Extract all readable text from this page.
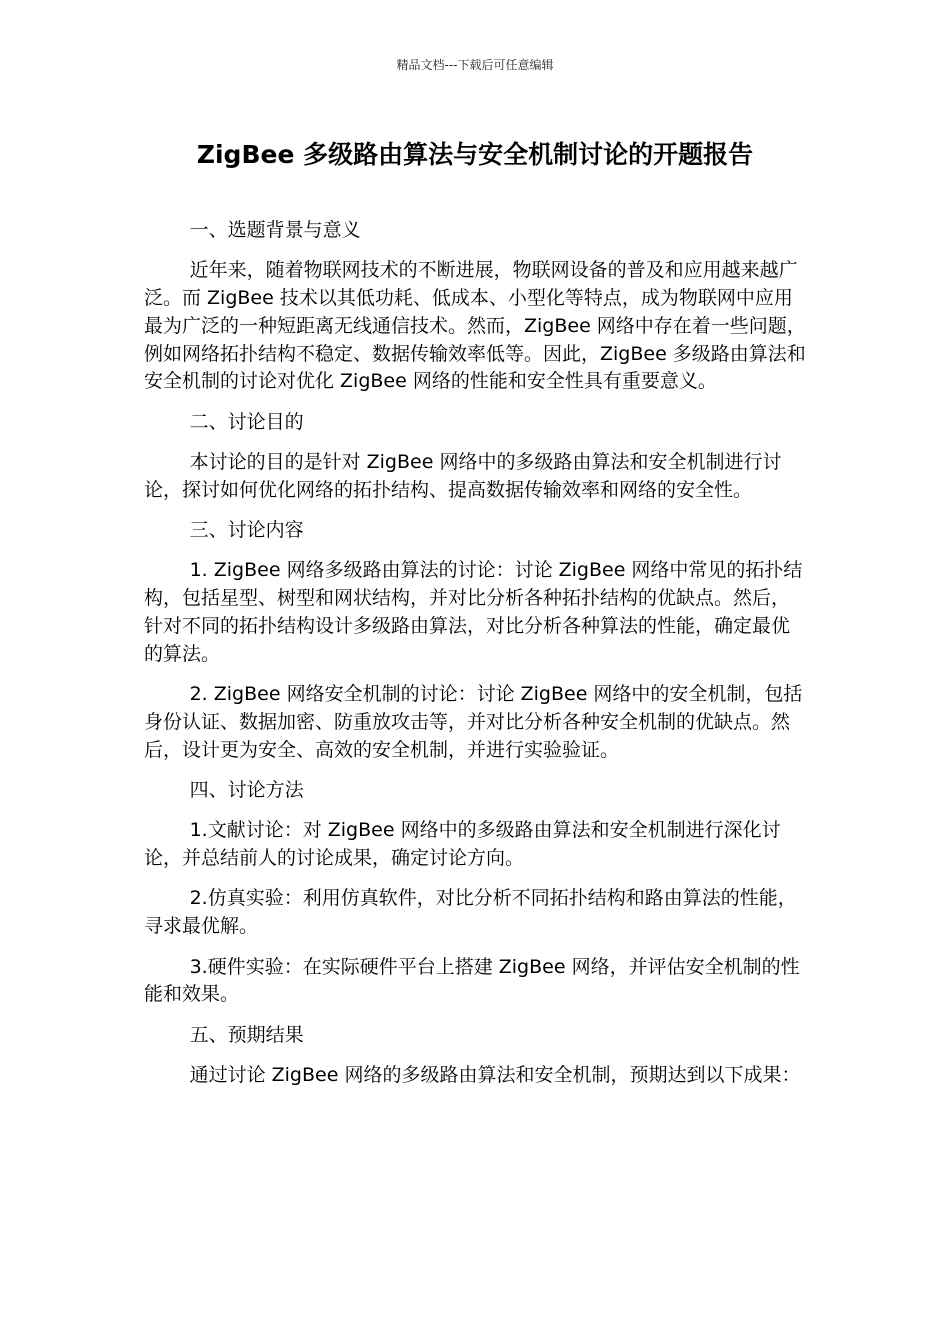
精品文档---下载后可任意编辑
ZigBee 多级路由算法与安全机制讨论的开题报告

一、选题背景与意义

近年来，随着物联网技术的不断进展，物联网设备的普及和应用越来越广泛。而 ZigBee 技术以其低功耗、低成本、小型化等特点，成为物联网中应用最为广泛的一种短距离无线通信技术。然而，ZigBee 网络中存在着一些问题，例如网络拓扑结构不稳定、数据传输效率低等。因此，ZigBee 多级路由算法和安全机制的讨论对优化 ZigBee 网络的性能和安全性具有重要意义。

二、讨论目的

本讨论的目的是针对 ZigBee 网络中的多级路由算法和安全机制进行讨论，探讨如何优化网络的拓扑结构、提高数据传输效率和网络的安全性。

三、讨论内容

1. ZigBee 网络多级路由算法的讨论：讨论 ZigBee 网络中常见的拓扑结构，包括星型、树型和网状结构，并对比分析各种拓扑结构的优缺点。然后，针对不同的拓扑结构设计多级路由算法，对比分析各种算法的性能，确定最优的算法。

2. ZigBee 网络安全机制的讨论：讨论 ZigBee 网络中的安全机制，包括身份认证、数据加密、防重放攻击等，并对比分析各种安全机制的优缺点。然后，设计更为安全、高效的安全机制，并进行实验验证。

四、讨论方法

1.文献讨论：对 ZigBee 网络中的多级路由算法和安全机制进行深化讨论，并总结前人的讨论成果，确定讨论方向。

2.仿真实验：利用仿真软件，对比分析不同拓扑结构和路由算法的性能，寻求最优解。

3.硬件实验：在实际硬件平台上搭建 ZigBee 网络，并评估安全机制的性能和效果。

五、预期结果

通过讨论 ZigBee 网络的多级路由算法和安全机制，预期达到以下成果：
